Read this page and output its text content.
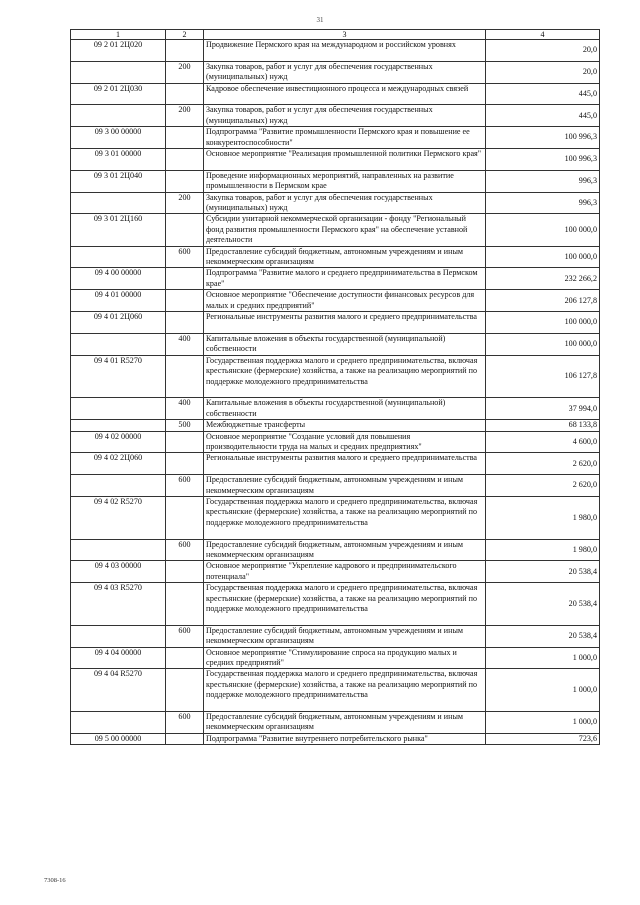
31
1	2	3	4
09 2 01 2Ц020		Продвижение Пермского края на международном и российском уровнях	20,0
	200	Закупка товаров, работ и услуг для обеспечения государственных (муниципальных) нужд	20,0
09 2 01 2Ц030		Кадровое обеспечение инвестиционного процесса и международных связей	445,0
	200	Закупка товаров, работ и услуг для обеспечения государственных (муниципальных) нужд	445,0
09 3 00 00000		Подпрограмма "Развитие промышленности Пермского края и повышение ее конкурентоспособности"	100 996,3
09 3 01 00000		Основное мероприятие "Реализация промышленной политики Пермского края"	100 996,3
09 3 01 2Ц040		Проведение информационных мероприятий, направленных на развитие промышленности в Пермском крае	996,3
	200	Закупка товаров, работ и услуг для обеспечения государственных (муниципальных) нужд	996,3
09 3 01 2Ц160		Субсидии унитарной некоммерческой организации - фонду "Региональный фонд развития промышленности Пермского края" на обеспечение уставной деятельности	100 000,0
	600	Предоставление субсидий бюджетным, автономным учреждениям и иным некоммерческим организациям	100 000,0
09 4 00 00000		Подпрограмма "Развитие малого и среднего предпринимательства в Пермском крае"	232 266,2
09 4 01 00000		Основное мероприятие "Обеспечение доступности финансовых ресурсов для малых и средних предприятий"	206 127,8
09 4 01 2Ц060		Региональные инструменты развития малого и среднего предпринимательства	100 000,0
	400	Капитальные вложения в объекты государственной (муниципальной) собственности	100 000,0
09 4 01 R5270		Государственная поддержка малого и среднего предпринимательства, включая крестьянские (фермерские) хозяйства, а также на реализацию мероприятий по поддержке молодежного предпринимательства	106 127,8
	400	Капитальные вложения в объекты государственной (муниципальной) собственности	37 994,0
	500	Межбюджетные трансферты	68 133,8
09 4 02 00000		Основное мероприятие "Создание условий для повышения производительности труда на малых и средних предприятиях"	4 600,0
09 4 02 2Ц060		Региональные инструменты развития малого и среднего предпринимательства	2 620,0
	600	Предоставление субсидий бюджетным, автономным учреждениям и иным некоммерческим организациям	2 620,0
09 4 02 R5270		Государственная поддержка малого и среднего предпринимательства, включая крестьянские (фермерские) хозяйства, а также на реализацию мероприятий по поддержке молодежного предпринимательства	1 980,0
	600	Предоставление субсидий бюджетным, автономным учреждениям и иным некоммерческим организациям	1 980,0
09 4 03 00000		Основное мероприятие "Укрепление кадрового и предпринимательского потенциала"	20 538,4
09 4 03 R5270		Государственная поддержка малого и среднего предпринимательства, включая крестьянские (фермерские) хозяйства, а также на реализацию мероприятий по поддержке молодежного предпринимательства	20 538,4
	600	Предоставление субсидий бюджетным, автономным учреждениям и иным некоммерческим организациям	20 538,4
09 4 04 00000		Основное мероприятие "Стимулирование спроса на продукцию малых и средних предприятий"	1 000,0
09 4 04 R5270		Государственная поддержка малого и среднего предпринимательства, включая крестьянские (фермерские) хозяйства, а также на реализацию мероприятий по поддержке молодежного предпринимательства	1 000,0
	600	Предоставление субсидий бюджетным, автономным учреждениям и иным некоммерческим организациям	1 000,0
09 5 00 00000		Подпрограмма "Развитие внутреннего потребительского рынка"	723,6
7308-16
